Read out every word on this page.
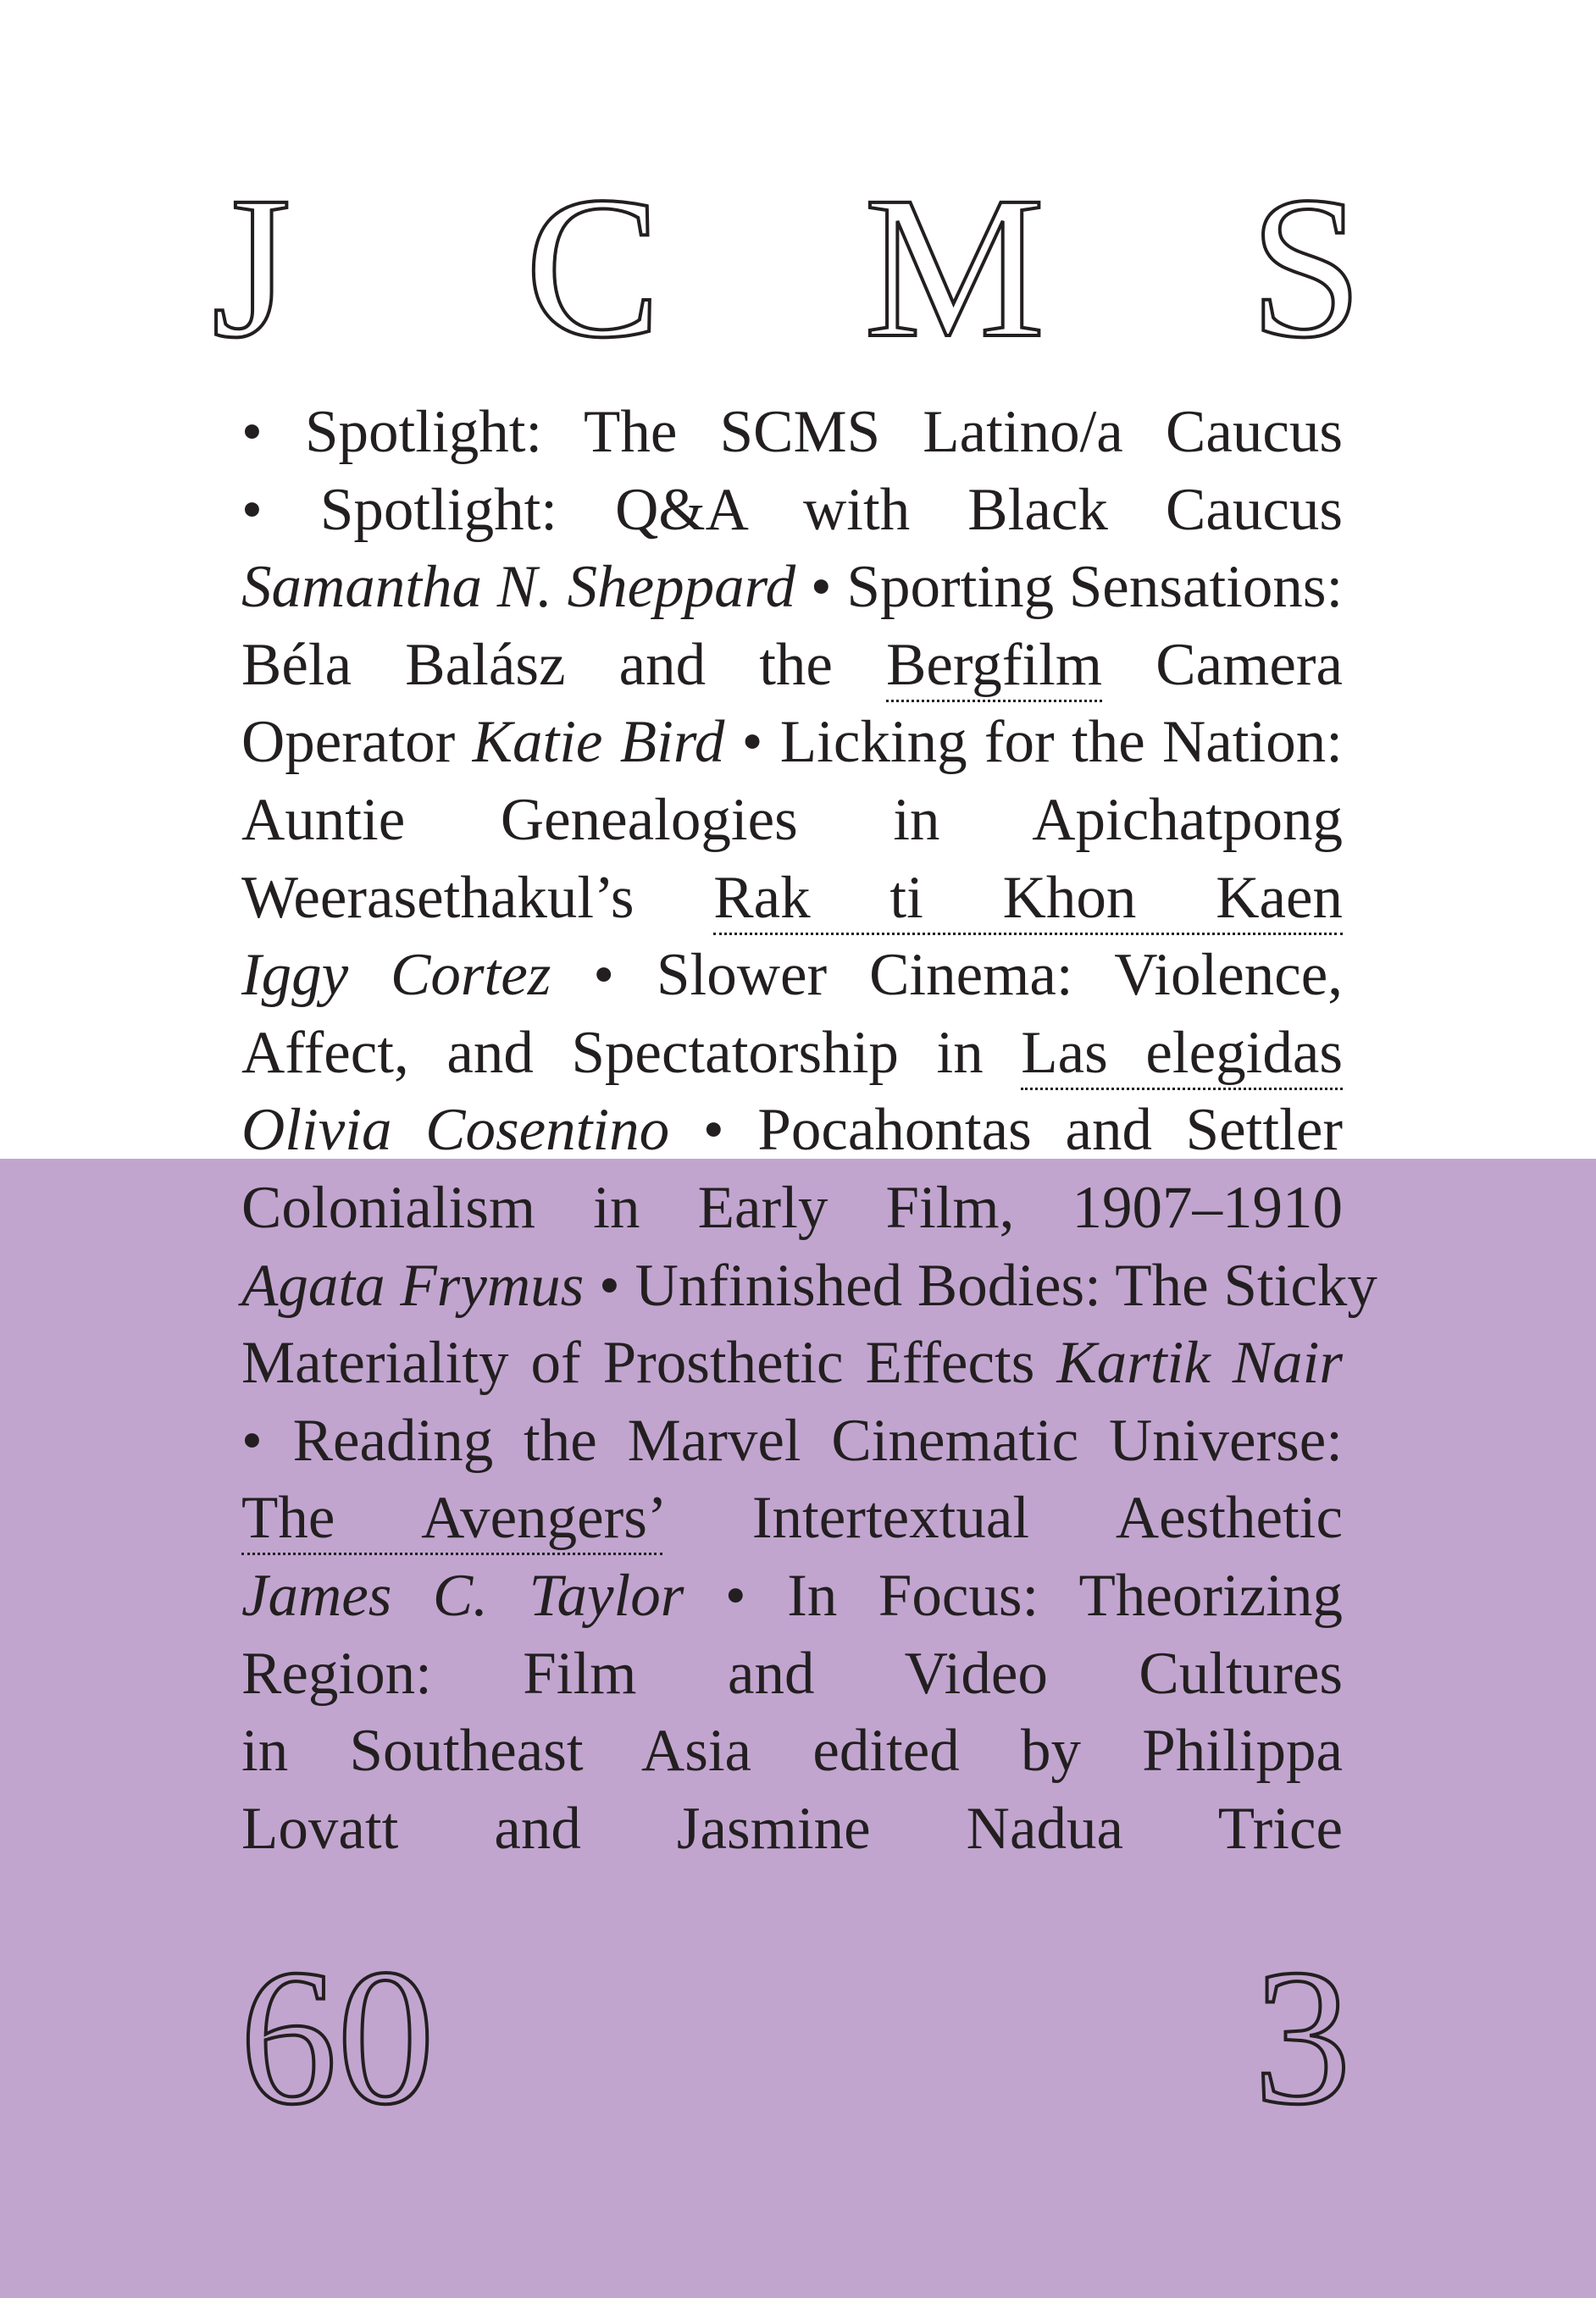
J C M S
• Spotlight: The SCMS Latino/a Caucus
• Spotlight: Q&A with Black Caucus
Samantha N. Sheppard • Sporting Sensations:
Béla Balász and the Bergfilm Camera
Operator Katie Bird • Licking for the Nation:
Auntie Genealogies in Apichatpong
Weerasethakul’s Rak ti Khon Kaen
Iggy Cortez • Slower Cinema: Violence,
Affect, and Spectatorship in Las elegidas
Olivia Cosentino • Pocahontas and Settler
Colonialism in Early Film, 1907–1910
Agata Frymus • Unfinished Bodies: The Sticky
Materiality of Prosthetic Effects Kartik Nair
• Reading the Marvel Cinematic Universe:
The Avengers’ Intertextual Aesthetic
James C. Taylor • In Focus: Theorizing
Region: Film and Video Cultures
in Southeast Asia edited by Philippa
Lovatt and Jasmine Nadua Trice
60	3
